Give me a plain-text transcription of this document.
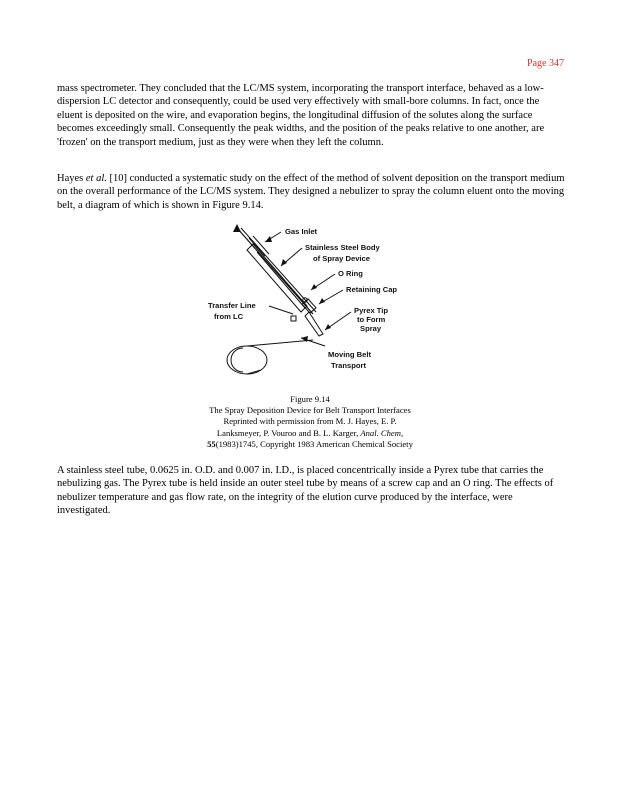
Page 347

mass spectrometer. They concluded that the LC/MS system, incorporating the transport interface, behaved as a low-dispersion LC detector and consequently, could be used very effectively with small-bore columns. In fact, once the eluent is deposited on the wire, and evaporation begins, the longitudinal diffusion of the solutes along the surface becomes exceedingly small. Consequently the peak widths, and the position of the peaks relative to one another, are 'frozen' on the transport medium, just as they were when they left the column.

Hayes et al. [10] conducted a systematic study on the effect of the method of solvent deposition on the transport medium on the overall performance of the LC/MS system. They designed a nebulizer to spray the column eluent onto the moving belt, a diagram of which is shown in Figure 9.14.

Gas Inlet
Stainless Steel Body
of Spray Device
O Ring
Retaining Cap
Transfer Line
from LC
Pyrex Tip
to Form
Spray
Moving Belt
Transport
Figure 9.14
The Spray Deposition Device for Belt Transport Interfaces
Reprinted with permission from M. J. Hayes, E. P.
Lanksmeyer, P. Vouroo and B. L. Karger, Anal. Chem,
55(1983)1745, Copyright 1983 American Chemical Society

A stainless steel tube, 0.0625 in. O.D. and 0.007 in. I.D., is placed concentrically inside a Pyrex tube that carries the nebulizing gas. The Pyrex tube is held inside an outer steel tube by means of a screw cap and an O ring. The effects of nebulizer temperature and gas flow rate, on the integrity of the elution curve produced by the interface, were investigated.
